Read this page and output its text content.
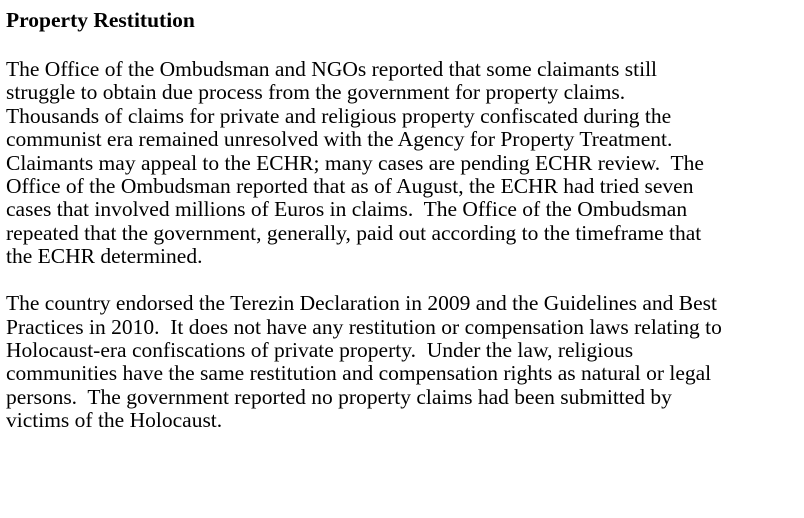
Property Restitution
The Office of the Ombudsman and NGOs reported that some claimants still
struggle to obtain due process from the government for property claims.
Thousands of claims for private and religious property confiscated during the
communist era remained unresolved with the Agency for Property Treatment.
Claimants may appeal to the ECHR; many cases are pending ECHR review.  The
Office of the Ombudsman reported that as of August, the ECHR had tried seven
cases that involved millions of Euros in claims.  The Office of the Ombudsman
repeated that the government, generally, paid out according to the timeframe that
the ECHR determined.
The country endorsed the Terezin Declaration in 2009 and the Guidelines and Best
Practices in 2010.  It does not have any restitution or compensation laws relating to
Holocaust-era confiscations of private property.  Under the law, religious
communities have the same restitution and compensation rights as natural or legal
persons.  The government reported no property claims had been submitted by
victims of the Holocaust.
